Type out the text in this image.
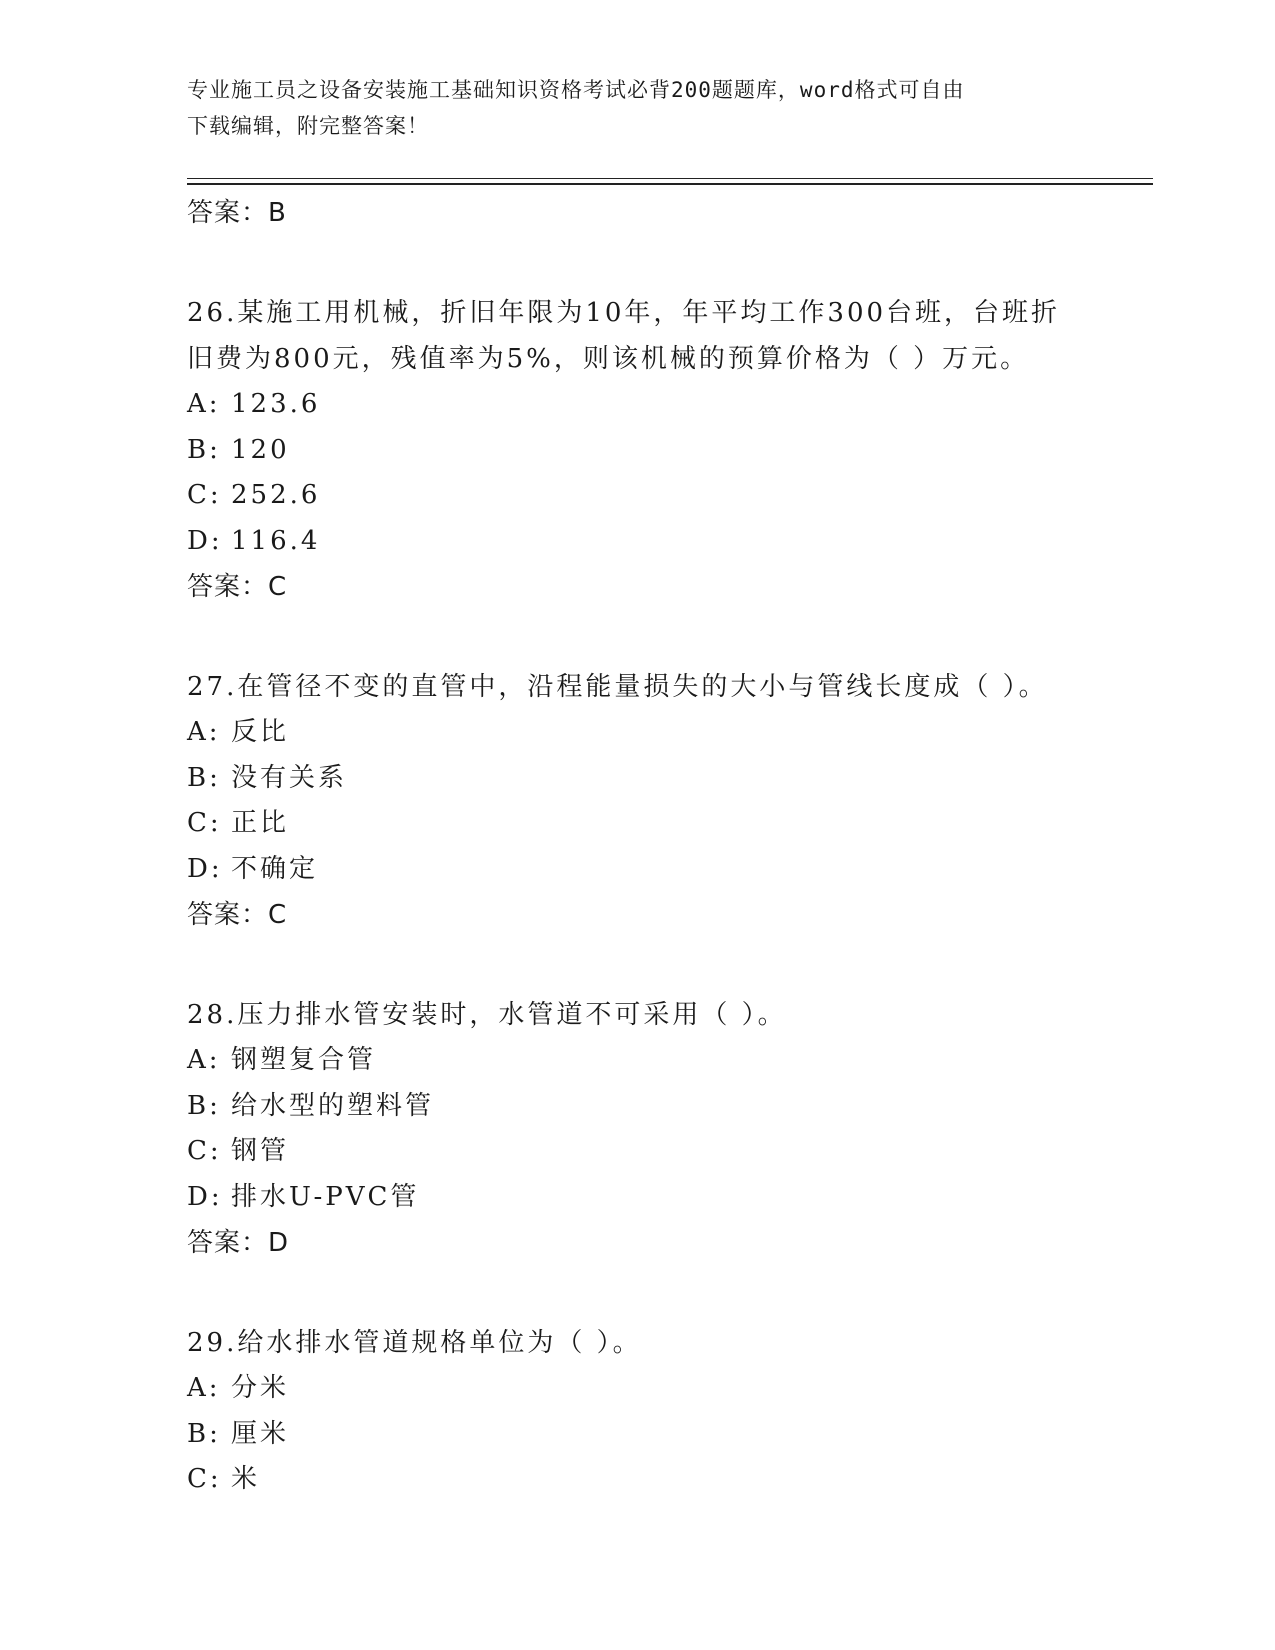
专业施工员之设备安装施工基础知识资格考试必背200题题库，word格式可自由
下载编辑，附完整答案！
答案：B
26.某施工用机械，折旧年限为10年，年平均工作300台班，台班折
旧费为800元，残值率为5%，则该机械的预算价格为（ ）万元。
A: 123.6
B: 120
C: 252.6
D: 116.4
答案：C
27.在管径不变的直管中，沿程能量损失的大小与管线长度成（ ）。
A: 反比
B: 没有关系
C: 正比
D: 不确定
答案：C
28.压力排水管安装时，水管道不可采用（ ）。
A: 钢塑复合管
B: 给水型的塑料管
C: 钢管
D: 排水U-PVC管
答案：D
29.给水排水管道规格单位为（ ）。
A: 分米
B: 厘米
C: 米
